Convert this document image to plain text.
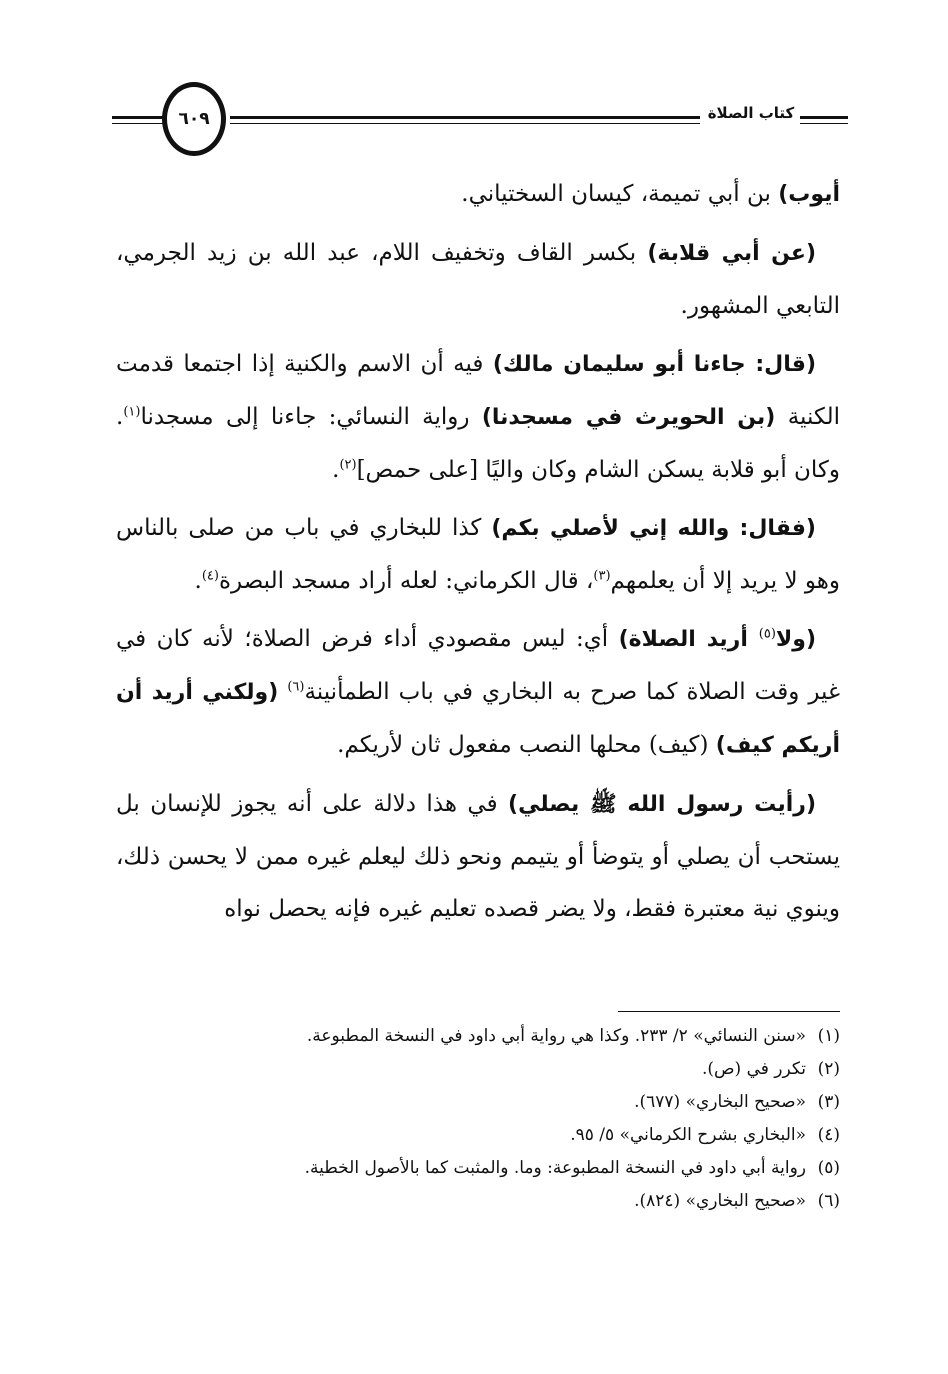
٦٠٩	كتاب الصلاة

أيوب) بن أبي تميمة، كيسان السختياني.

(عن أبي قلابة) بكسر القاف وتخفيف اللام، عبد الله بن زيد الجرمي، التابعي المشهور.

(قال: جاءنا أبو سليمان مالك) فيه أن الاسم والكنية إذا اجتمعا قدمت الكنية (بن الحويرث في مسجدنا) رواية النسائي: جاءنا إلى مسجدنا$^{(١)}$. وكان أبو قلابة يسكن الشام وكان واليًا [على حمص]$^{(٢)}$.

(فقال: والله إني لأصلي بكم) كذا للبخاري في باب من صلى بالناس وهو لا يريد إلا أن يعلمهم$^{(٣)}$، قال الكرماني: لعله أراد مسجد البصرة$^{(٤)}$.

(ولا$^{(٥)}$ أريد الصلاة) أي: ليس مقصودي أداء فرض الصلاة؛ لأنه كان في غير وقت الصلاة كما صرح به البخاري في باب الطمأنينة$^{(٦)}$ (ولكني أريد أن أريكم كيف) (كيف) محلها النصب مفعول ثان لأريكم.

(رأيت رسول الله ﷺ يصلي) في هذا دلالة على أنه يجوز للإنسان بل يستحب أن يصلي أو يتوضأ أو يتيمم ونحو ذلك ليعلم غيره ممن لا يحسن ذلك، وينوي نية معتبرة فقط، ولا يضر قصده تعليم غيره فإنه يحصل نواه

(١)«سنن النسائي» ٢/ ٢٣٣. وكذا هي رواية أبي داود في النسخة المطبوعة.
(٢)تكرر في (ص).
(٣)«صحيح البخاري» (٦٧٧).
(٤)«البخاري بشرح الكرماني» ٥/ ٩٥.
(٥)رواية أبي داود في النسخة المطبوعة: وما. والمثبت كما بالأصول الخطية.
(٦)«صحيح البخاري» (٨٢٤).
